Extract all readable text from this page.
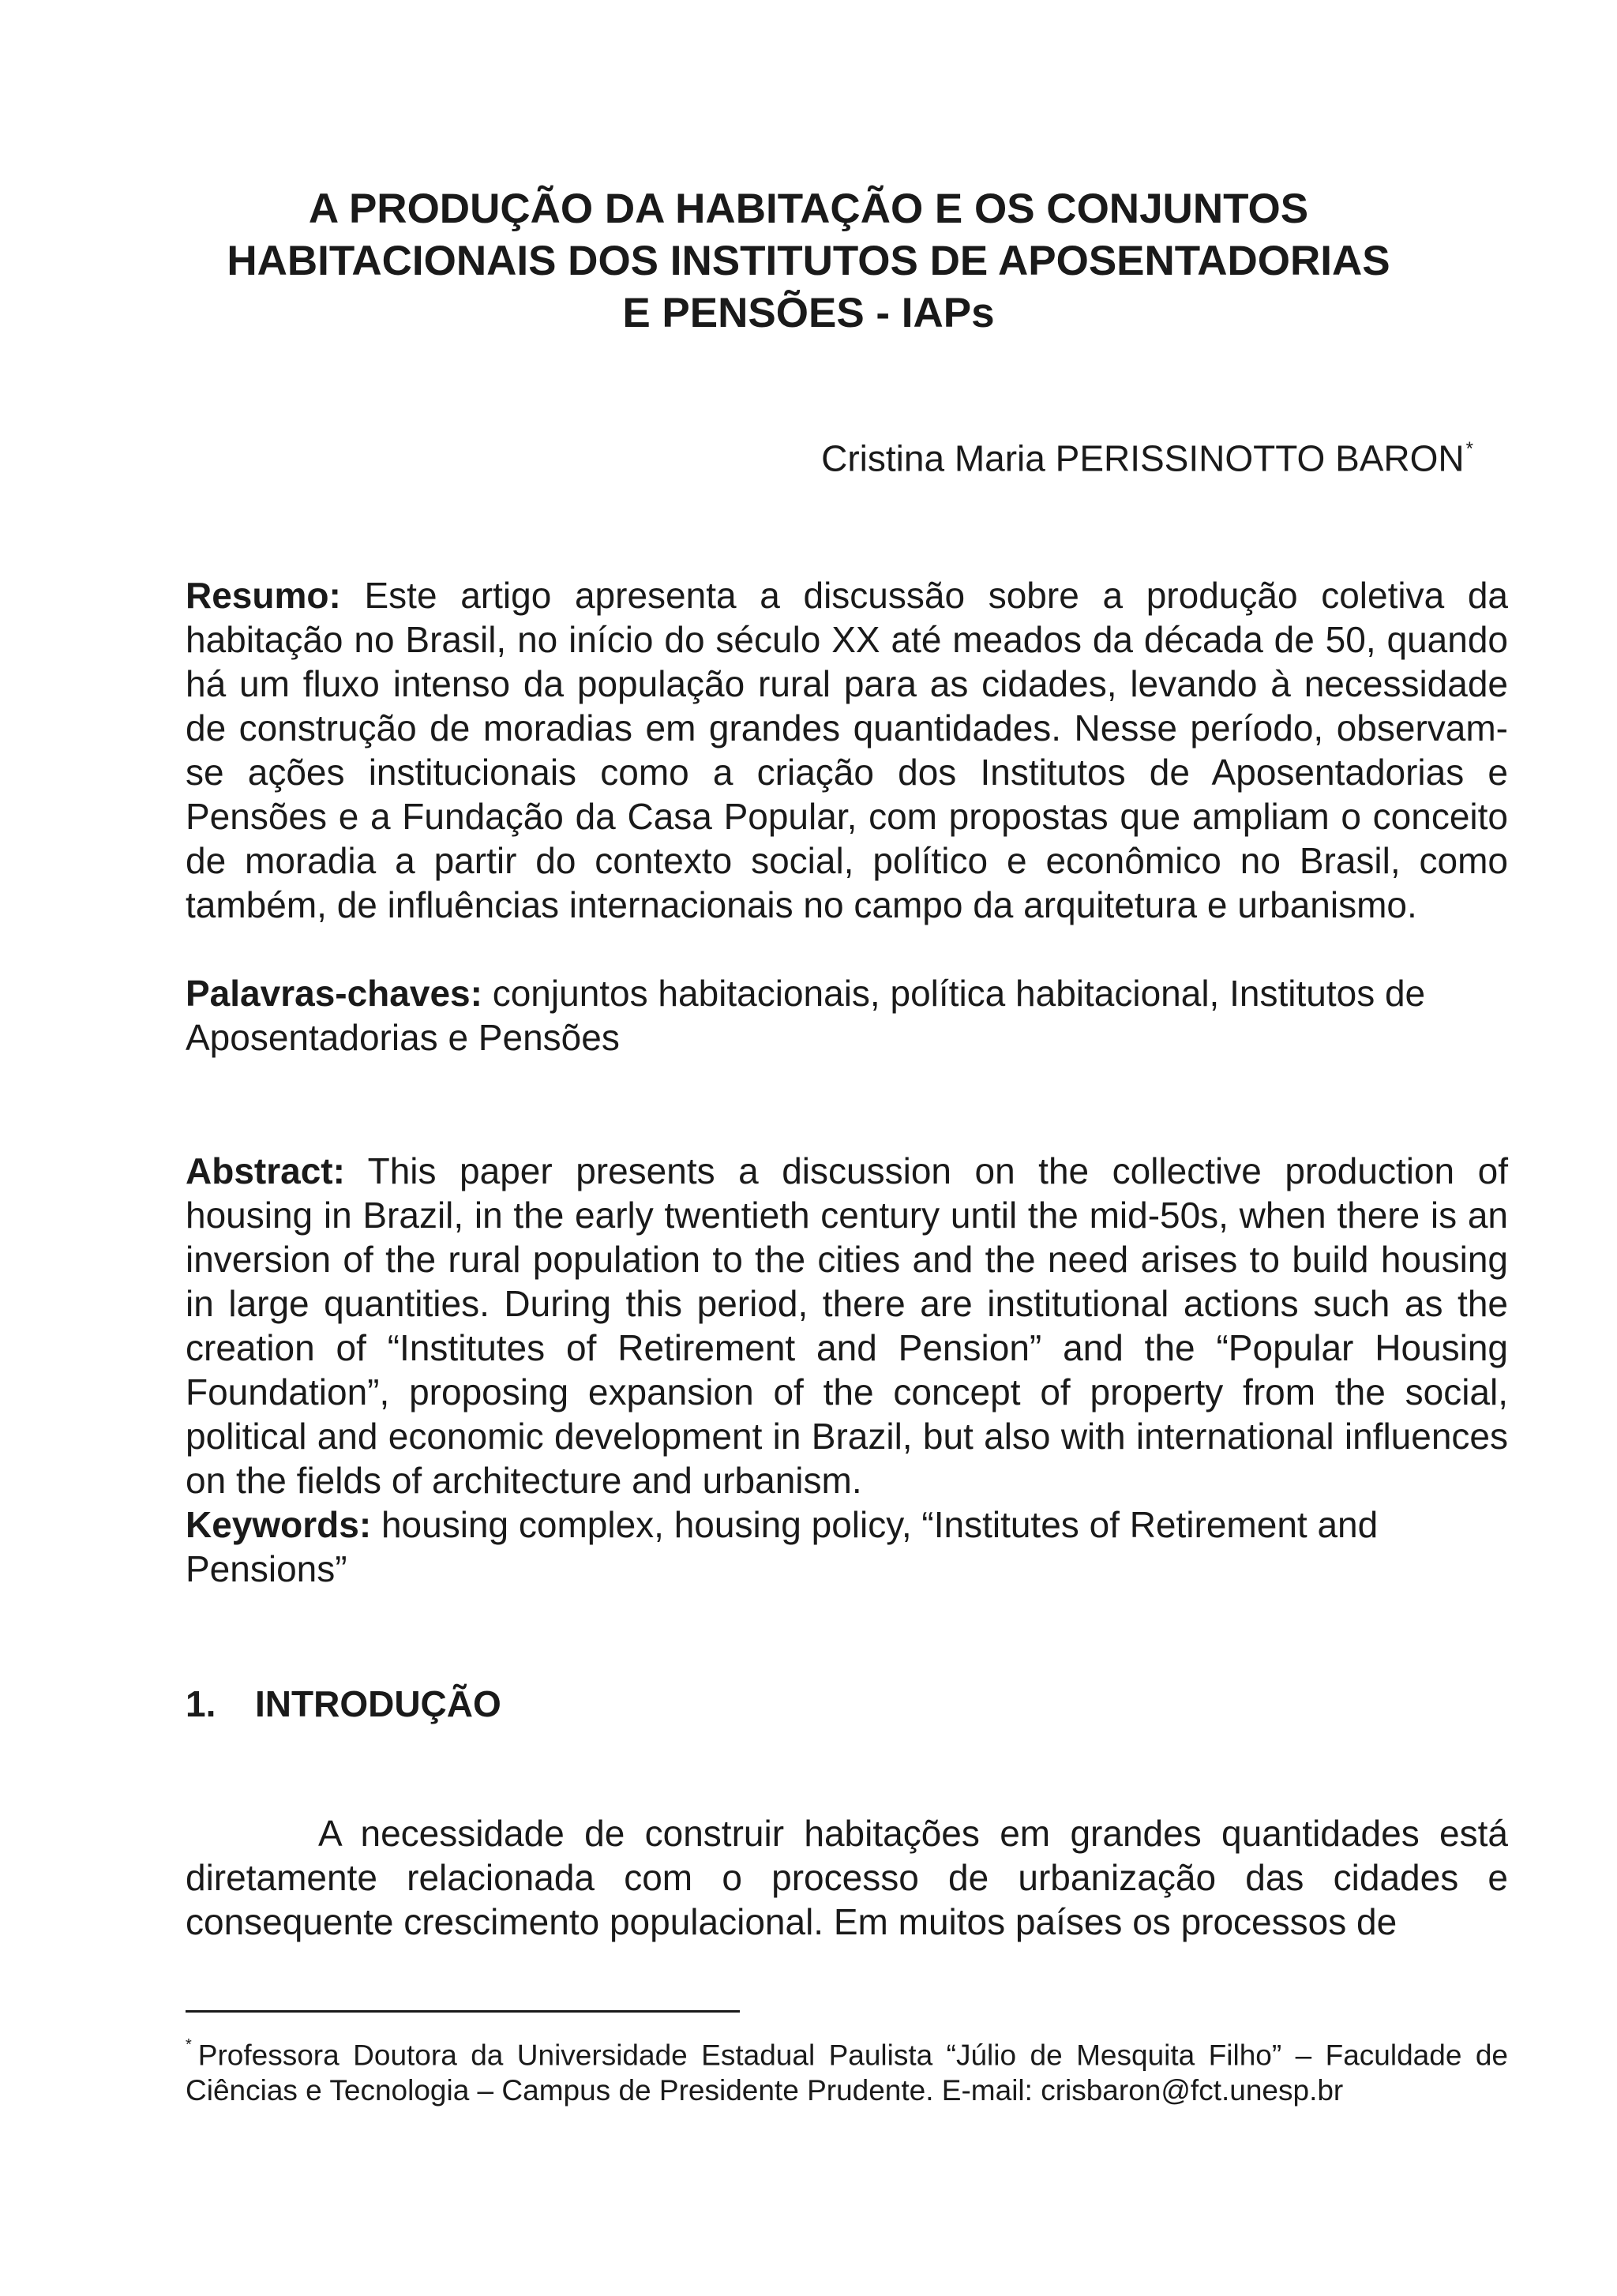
A PRODUÇÃO DA HABITAÇÃO E OS CONJUNTOS
HABITACIONAIS DOS INSTITUTOS DE APOSENTADORIAS
E PENSÕES - IAPs
Cristina Maria PERISSINOTTO BARON*

Resumo: Este artigo apresenta a discussão sobre a produção coletiva da habitação no Brasil, no início do século XX até meados da década de 50, quando há um fluxo intenso da população rural para as cidades, levando à necessidade de construção de moradias em grandes quantidades. Nesse período, observam-se ações institucionais como a criação dos Institutos de Aposentadorias e Pensões e a Fundação da Casa Popular, com propostas que ampliam o conceito de moradia a partir do contexto social, político e econômico no Brasil, como também, de influências internacionais no campo da arquitetura e urbanismo.

Palavras-chaves: conjuntos habitacionais, política habitacional, Institutos de Aposentadorias e Pensões

Abstract: This paper presents a discussion on the collective production of housing in Brazil, in the early twentieth century until the mid-50s, when there is an inversion of the rural population to the cities and the need arises to build housing in large quantities. During this period, there are institutional actions such as the creation of “Institutes of Retirement and Pension” and the “Popular Housing Foundation”, proposing expansion of the concept of property from the social, political and economic development in Brazil, but also with international influences on the fields of architecture and urbanism.

Keywords: housing complex, housing policy, “Institutes of Retirement and Pensions”

1. INTRODUÇÃO

A necessidade de construir habitações em grandes quantidades está diretamente relacionada com o processo de urbanização das cidades e consequente crescimento populacional. Em muitos países os processos de

* Professora Doutora da Universidade Estadual Paulista “Júlio de Mesquita Filho” – Faculdade de Ciências e Tecnologia – Campus de Presidente Prudente. E-mail: crisbaron@fct.unesp.br
